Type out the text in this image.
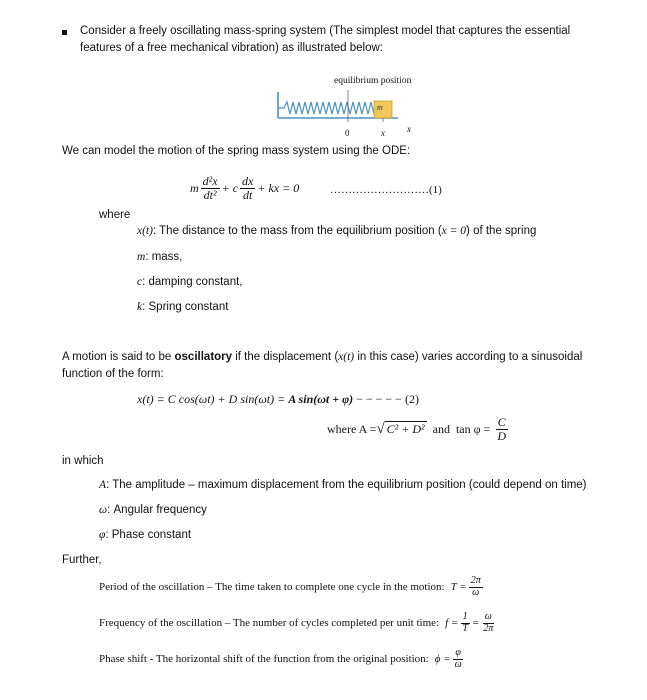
Consider a freely oscillating mass-spring system (The simplest model that captures the essential
features of a free mechanical vibration) as illustrated below:
equilibrium position
m
0	x x
We can model the motion of the spring mass system using the ODE:
m $\frac{\text{d²x}}{\text{dt²}} + c \frac{dx}{dt}$ + kx = 0	………………………(1)
where
x(t): The distance to the mass from the equilibrium position (x = 0) of the spring
m: mass,
c: damping constant,
k: Spring constant
A motion is said to be oscillatory if the displacement (x(t) in this case) varies according to a sinusoidal
function of the form:
x(t) = C cos(ωt) + D sin(ωt) = A sin(ωt + φ) − − − − − (2)
where A = √ C² + D² and  $\tan \varphi = \frac{C}{D}$
in which
A: The amplitude – maximum displacement from the equilibrium position (could depend on time)
ω: Angular frequency
φ: Phase constant
Further,
Period of the oscillation – The time taken to complete one cycle in the motion: $T = \frac{2\pi}{\omega}$
Frequency of the oscillation – The number of cycles completed per unit time: $f = \frac{1}{T} = \frac{\omega}{2\pi}$
Phase shift - The horizontal shift of the function from the original position: $\phi = \frac{\varphi}{\omega}$
